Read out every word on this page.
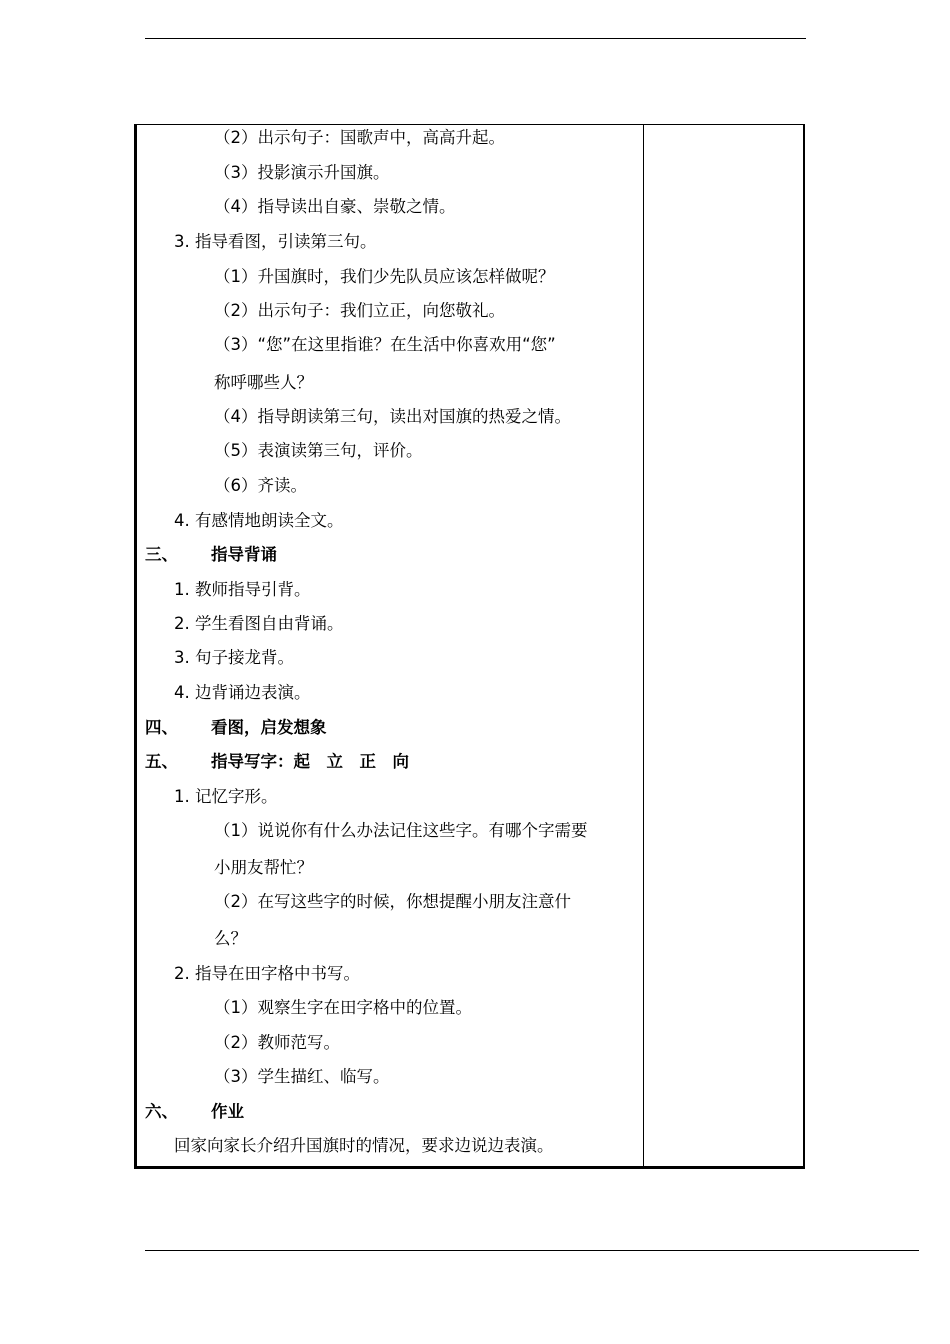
（2）出示句子：国歌声中，高高升起。
（3）投影演示升国旗。
（4）指导读出自豪、崇敬之情。
3. 指导看图，引读第三句。
（1）升国旗时，我们少先队员应该怎样做呢？
（2）出示句子：我们立正，向您敬礼。
（3）“您”在这里指谁？在生活中你喜欢用“您”
称呼哪些人？
（4）指导朗读第三句，读出对国旗的热爱之情。
（5）表演读第三句，评价。
（6）齐读。
4. 有感情地朗读全文。
三、 指导背诵
1. 教师指导引背。
2. 学生看图自由背诵。
3. 句子接龙背。
4. 边背诵边表演。
四、 看图，启发想象
五、 指导写字：起　立　正　向
1. 记忆字形。
（1）说说你有什么办法记住这些字。有哪个字需要
小朋友帮忙？
（2）在写这些字的时候，你想提醒小朋友注意什
么？
2. 指导在田字格中书写。
（1）观察生字在田字格中的位置。
（2）教师范写。
（3）学生描红、临写。
六、 作业
回家向家长介绍升国旗时的情况，要求边说边表演。
